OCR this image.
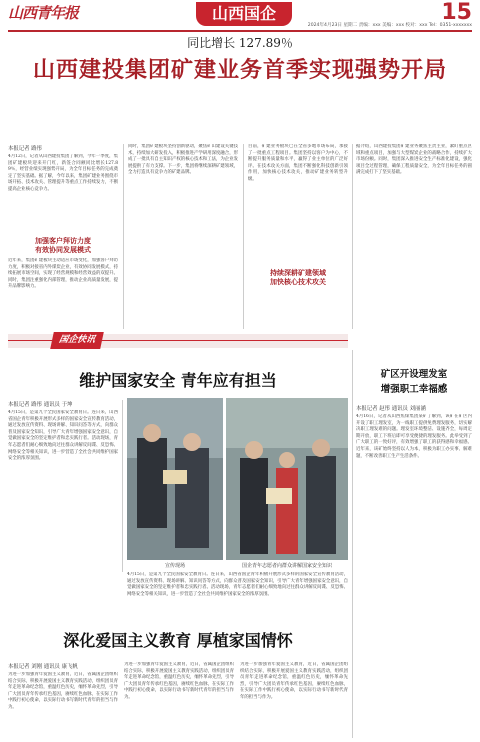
山西青年报	山西国企	15
2024年4月23日 星期二 责编：xxx 美编：xxx 校对：xxx Tel：0351-xxxxxxx
同比增长 127.89％
山西建投集团矿建业务首季实现强势开局
本报记者 路彤
4月12日，记者从山西建投集团了解到，今年一季度，集团矿建板块迎来开门红，新签合同额同比增长127.89％，经营业绩实现强势开局，为全年目标任务的完成奠定了坚实基础。据了解，今年以来，集团矿建业务围绕市场开拓、技术攻关、管理提升等重点工作持续发力，不断提高企业核心竞争力。
加强客户拜访力度
有效协同发展模式
近年来，集团矿建板块主动适应市场变化，加强客户拜访力度，积极对接省内外煤炭企业，有效协同发展模式，持续拓展市场空间，实现了经营规模和经营效益的双提升。同时，集团注重强化内部管理，推动企业高质量发展，提升品牌影响力。
同时，集团矿建板块坚持创新驱动，聚焦矿山建设关键技术，持续加大研发投入，积极推进产学研用深度融合，形成了一批具有自主知识产权的核心技术和工法，为企业发展提供了有力支撑。下一步，集团将继续深耕矿建领域，全力打造具有竞争力的矿建品牌。
目前，矿建业务板块已在全省多地市场布局，承接了一批重点工程项目。集团坚持以客户为中心，不断提升服务质量和水平，赢得了业主单位的广泛好评。在技术攻关方面，集团不断强化科技创新引领作用，加快核心技术攻关，推动矿建业务转型升级。
持续深耕矿建领域
加快核心技术攻关
据介绍，山西建投集团矿建业务聚焦主责主业，紧盯重点区域和重点项目，加强与大型煤炭企业的战略合作，持续扩大市场份额。同时，集团深入推进安全生产标准化建设，强化项目全过程管理，确保工程质量安全，为全年目标任务的圆满完成打下了坚实基础。
国企快讯
维护国家安全 青年应有担当
本报记者 路彤 通讯员 于坤
4月15日，是第九个全民国家安全教育日。连日来，山西省国企青年积极开展形式多样的国家安全宣传教育活动，通过发放宣传资料、现场讲解、知识问答等方式，向群众普及国家安全知识，引导广大青年增强国家安全意识，自觉做国家安全的坚定维护者和忠实践行者。活动现场，青年志愿者们耐心细致地向过往群众讲解反间谍、反恐怖、网络安全等相关知识，进一步营造了全社会共同维护国家安全的浓厚氛围。
宣传现场	国企青年志愿者向群众讲解国家安全知识
4月15日，是第九个全民国家安全教育日。连日来，山西省国企青年积极开展形式多样的国家安全宣传教育活动，通过发放宣传资料、现场讲解、知识问答等方式，向群众普及国家安全知识，引导广大青年增强国家安全意识，自觉做国家安全的坚定维护者和忠实践行者。活动现场，青年志愿者们耐心细致地向过往群众讲解反间谍、反恐怖、网络安全等相关知识，进一步营造了全社会共同维护国家安全的浓厚氛围。
深化爱国主义教育 厚植家国情怀
本报记者 刘刚 通讯员 康飞帆
为进一步加强青年爱国主义教育，近日，省属国企团组织结合实际，积极开展爱国主义教育实践活动，组织团员青年走进革命纪念馆，重温红色历史，缅怀革命先烈，引导广大团员青年传承红色基因，赓续红色血脉，在实际工作中践行初心使命，以实际行动书写新时代青年的担当与作为。
为进一步加强青年爱国主义教育，近日，省属国企团组织结合实际，积极开展爱国主义教育实践活动，组织团员青年走进革命纪念馆，重温红色历史，缅怀革命先烈，引导广大团员青年传承红色基因，赓续红色血脉，在实际工作中践行初心使命，以实际行动书写新时代青年的担当与作为。
为进一步加强青年爱国主义教育，近日，省属国企团组织结合实际，积极开展爱国主义教育实践活动，组织团员青年走进革命纪念馆，重温红色历史，缅怀革命先烈，引导广大团员青年传承红色基因，赓续红色血脉，在实际工作中践行初心使命，以实际行动书写新时代青年的担当与作为。
矿区开设理发室
增强职工幸福感
本报记者 赵彤 通讯员 刘丽涵
4月16日，记者从山西焦煤集团某矿了解到，该矿在矿区内开设了职工理发室，为一线职工提供免费理发服务，切实解决职工理发难的问题。理发室环境整洁、设施齐全，每周定期开放，职工下班后即可享受便捷的理发服务。此举受到了广大职工的一致好评，有效增强了职工的获得感和幸福感。近年来，该矿始终坚持以人为本，积极为职工办实事、解难题，不断改善职工生产生活条件。
